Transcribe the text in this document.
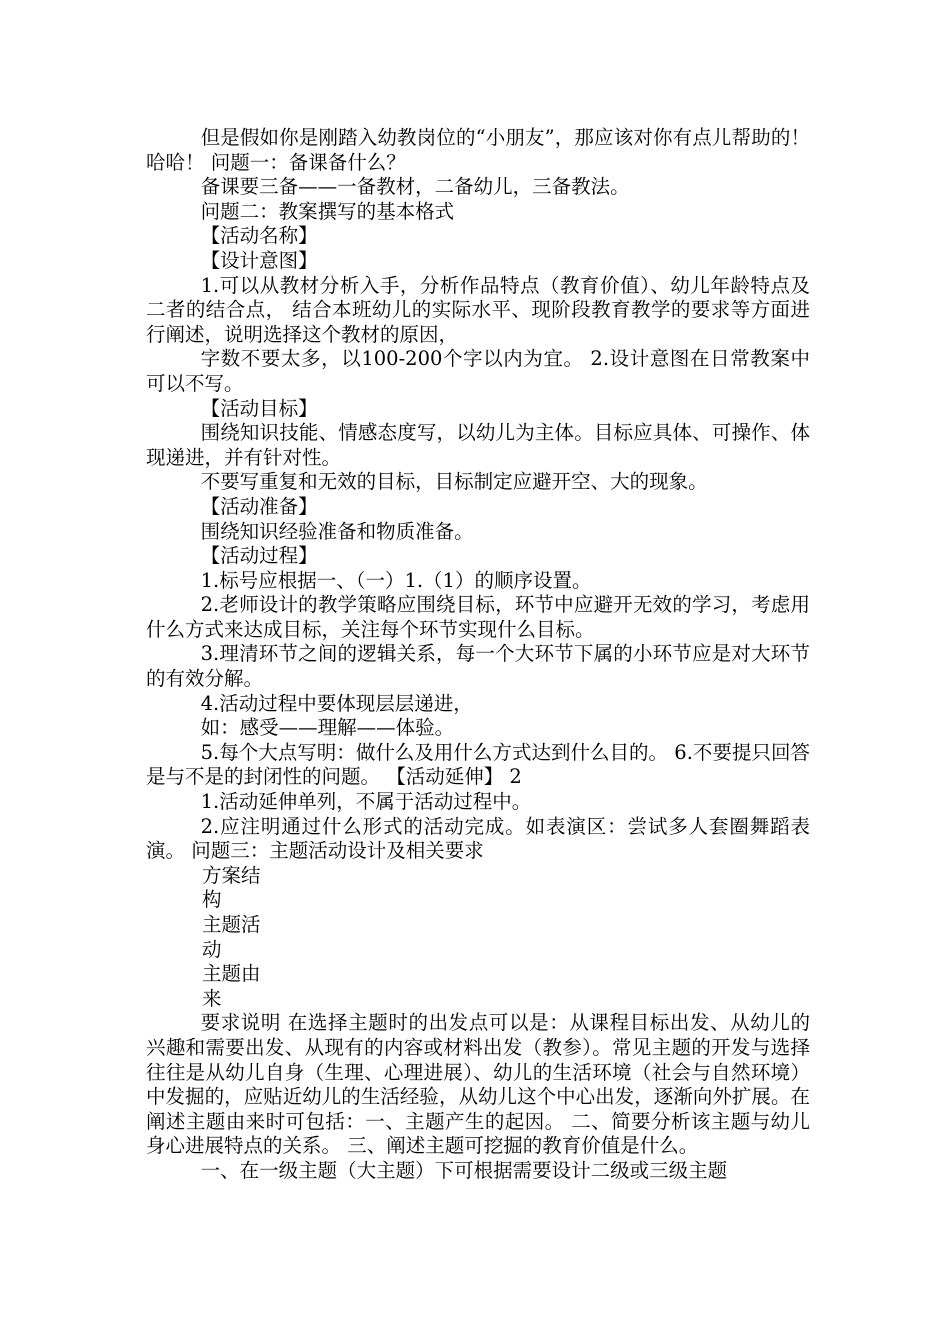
但是假如你是刚踏入幼教岗位的“小朋友”，那应该对你有点儿帮助的！哈哈！ 问题一：备课备什么？

备课要三备——一备教材，二备幼儿，三备教法。

问题二：教案撰写的基本格式

【活动名称】

【设计意图】

1.可以从教材分析入手，分析作品特点（教育价值）、幼儿年龄特点及二者的结合点， 结合本班幼儿的实际水平、现阶段教育教学的要求等方面进行阐述，说明选择这个教材的原因，

字数不要太多，以100-200个字以内为宜。 2.设计意图在日常教案中可以不写。

【活动目标】

围绕知识技能、情感态度写，以幼儿为主体。目标应具体、可操作、体现递进，并有针对性。

不要写重复和无效的目标，目标制定应避开空、大的现象。

【活动准备】

围绕知识经验准备和物质准备。

【活动过程】

1.标号应根据一、（一）1.（1）的顺序设置。

2.老师设计的教学策略应围绕目标，环节中应避开无效的学习，考虑用什么方式来达成目标，关注每个环节实现什么目标。

3.理清环节之间的逻辑关系，每一个大环节下属的小环节应是对大环节的有效分解。

4.活动过程中要体现层层递进，

如：感受——理解——体验。

5.每个大点写明：做什么及用什么方式达到什么目的。 6.不要提只回答是与不是的封闭性的问题。 【活动延伸】 2

1.活动延伸单列，不属于活动过程中。

2.应注明通过什么形式的活动完成。如表演区：尝试多人套圈舞蹈表演。 问题三：主题活动设计及相关要求

方案结构

主题活动

主题由来

要求说明 在选择主题时的出发点可以是：从课程目标出发、从幼儿的兴趣和需要出发、从现有的内容或材料出发（教参）。常见主题的开发与选择往往是从幼儿自身（生理、心理进展）、幼儿的生活环境（社会与自然环境）中发掘的，应贴近幼儿的生活经验，从幼儿这个中心出发，逐渐向外扩展。在阐述主题由来时可包括：一、主题产生的起因。 二、简要分析该主题与幼儿身心进展特点的关系。 三、阐述主题可挖掘的教育价值是什么。

一、在一级主题（大主题）下可根据需要设计二级或三级主题
